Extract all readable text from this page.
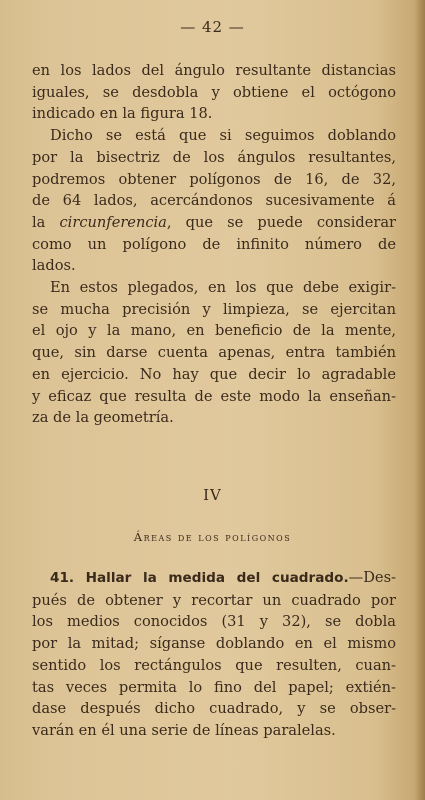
— 42 —

en los lados del ángulo resultante distancias
iguales, se desdobla y obtiene el octógono
indicado en la figura 18.

Dicho se está que si seguimos doblando
por la bisectriz de los ángulos resultantes,
podremos obtener polígonos de 16, de 32,
de 64 lados, acercándonos sucesivamente á
la circunferencia, que se puede considerar
como un polígono de infinito número de
lados.

En estos plegados, en los que debe exigir-
se mucha precisión y limpieza, se ejercitan
el ojo y la mano, en beneficio de la mente,
que, sin darse cuenta apenas, entra también
en ejercicio. No hay que decir lo agradable
y eficaz que resulta de este modo la enseñan-
za de la geometría.

IV
Áreas de los polígonos

41. Hallar la medida del cuadrado.—Des-
pués de obtener y recortar un cuadrado por
los medios conocidos (31 y 32), se dobla
por la mitad; síganse doblando en el mismo
sentido los rectángulos que resulten, cuan-
tas veces permita lo fino del papel; extién-
dase después dicho cuadrado, y se obser-
varán en él una serie de líneas paralelas.
